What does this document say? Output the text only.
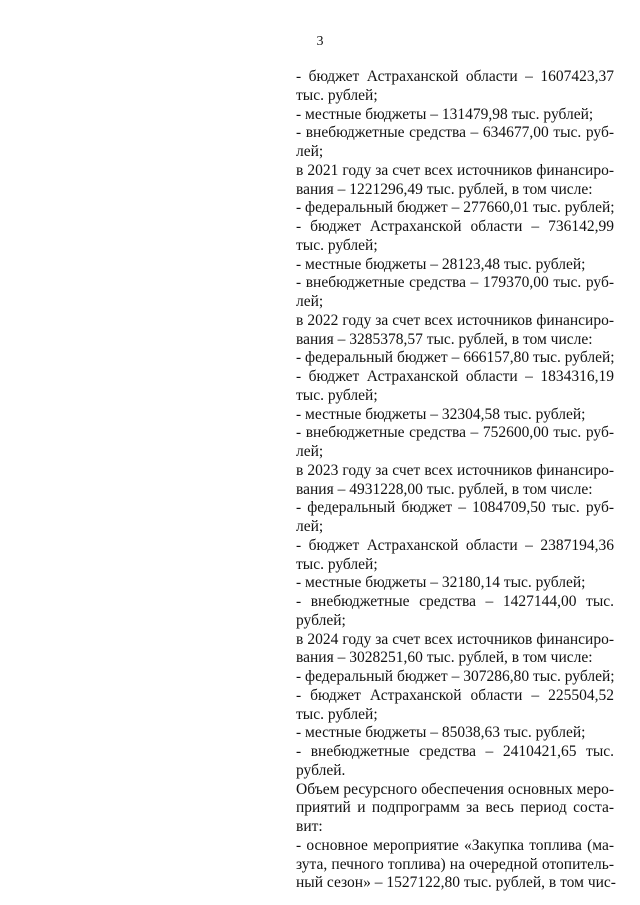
3
- бюджет Астраханской области – 1607423,37
тыс. рублей;
- местные бюджеты – 131479,98 тыс. рублей;
- внебюджетные средства – 634677,00 тыс. руб-
лей;
в 2021 году за счет всех источников финансиро-
вания – 1221296,49 тыс. рублей, в том числе:
- федеральный бюджет – 277660,01 тыс. рублей;
- бюджет Астраханской области – 736142,99
тыс. рублей;
- местные бюджеты – 28123,48 тыс. рублей;
- внебюджетные средства – 179370,00 тыс. руб-
лей;
в 2022 году за счет всех источников финансиро-
вания – 3285378,57 тыс. рублей, в том числе:
- федеральный бюджет – 666157,80 тыс. рублей;
- бюджет Астраханской области – 1834316,19
тыс. рублей;
- местные бюджеты – 32304,58 тыс. рублей;
- внебюджетные средства – 752600,00 тыс. руб-
лей;
в 2023 году за счет всех источников финансиро-
вания – 4931228,00 тыс. рублей, в том числе:
- федеральный бюджет – 1084709,50 тыс. руб-
лей;
- бюджет Астраханской области – 2387194,36
тыс. рублей;
- местные бюджеты – 32180,14 тыс. рублей;
- внебюджетные средства – 1427144,00 тыс.
рублей;
в 2024 году за счет всех источников финансиро-
вания – 3028251,60 тыс. рублей, в том числе:
- федеральный бюджет – 307286,80 тыс. рублей;
- бюджет Астраханской области – 225504,52
тыс. рублей;
- местные бюджеты – 85038,63 тыс. рублей;
- внебюджетные средства – 2410421,65 тыс.
рублей.
Объем ресурсного обеспечения основных меро-
приятий и подпрограмм за весь период соста-
вит:
- основное мероприятие «Закупка топлива (ма-
зута, печного топлива) на очередной отопитель-
ный сезон» – 1527122,80 тыс. рублей, в том чис-
